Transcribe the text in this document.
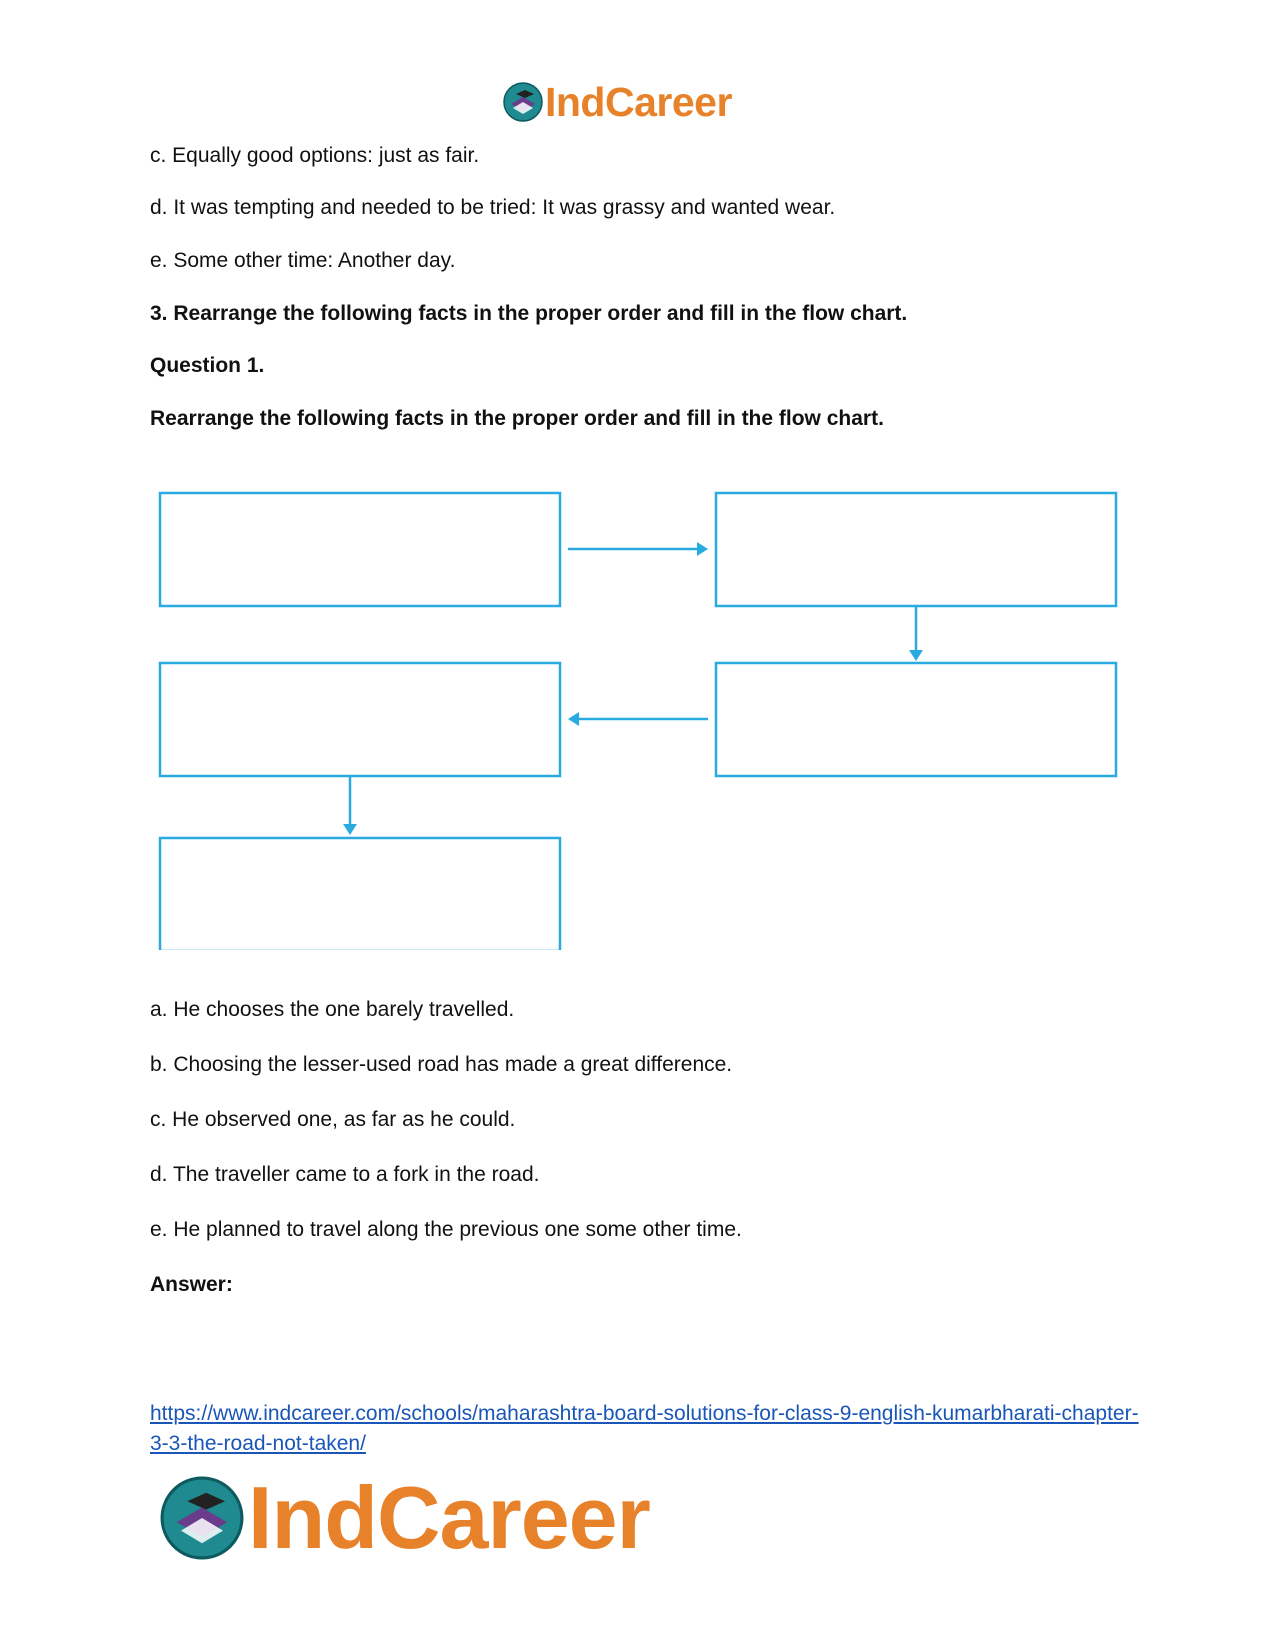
IndCareer
c. Equally good options: just as fair.
d. It was tempting and needed to be tried: It was grassy and wanted wear.
e. Some other time: Another day.
3. Rearrange the following facts in the proper order and fill in the flow chart.
Question 1.
Rearrange the following facts in the proper order and fill in the flow chart.
a. He chooses the one barely travelled.
b. Choosing the lesser-used road has made a great difference.
c. He observed one, as far as he could.
d. The traveller came to a fork in the road.
e. He planned to travel along the previous one some other time.
Answer:
https://www.indcareer.com/schools/maharashtra-board-solutions-for-class-9-english-kumarbharati-chapter-3-3-the-road-not-taken/
IndCareer
